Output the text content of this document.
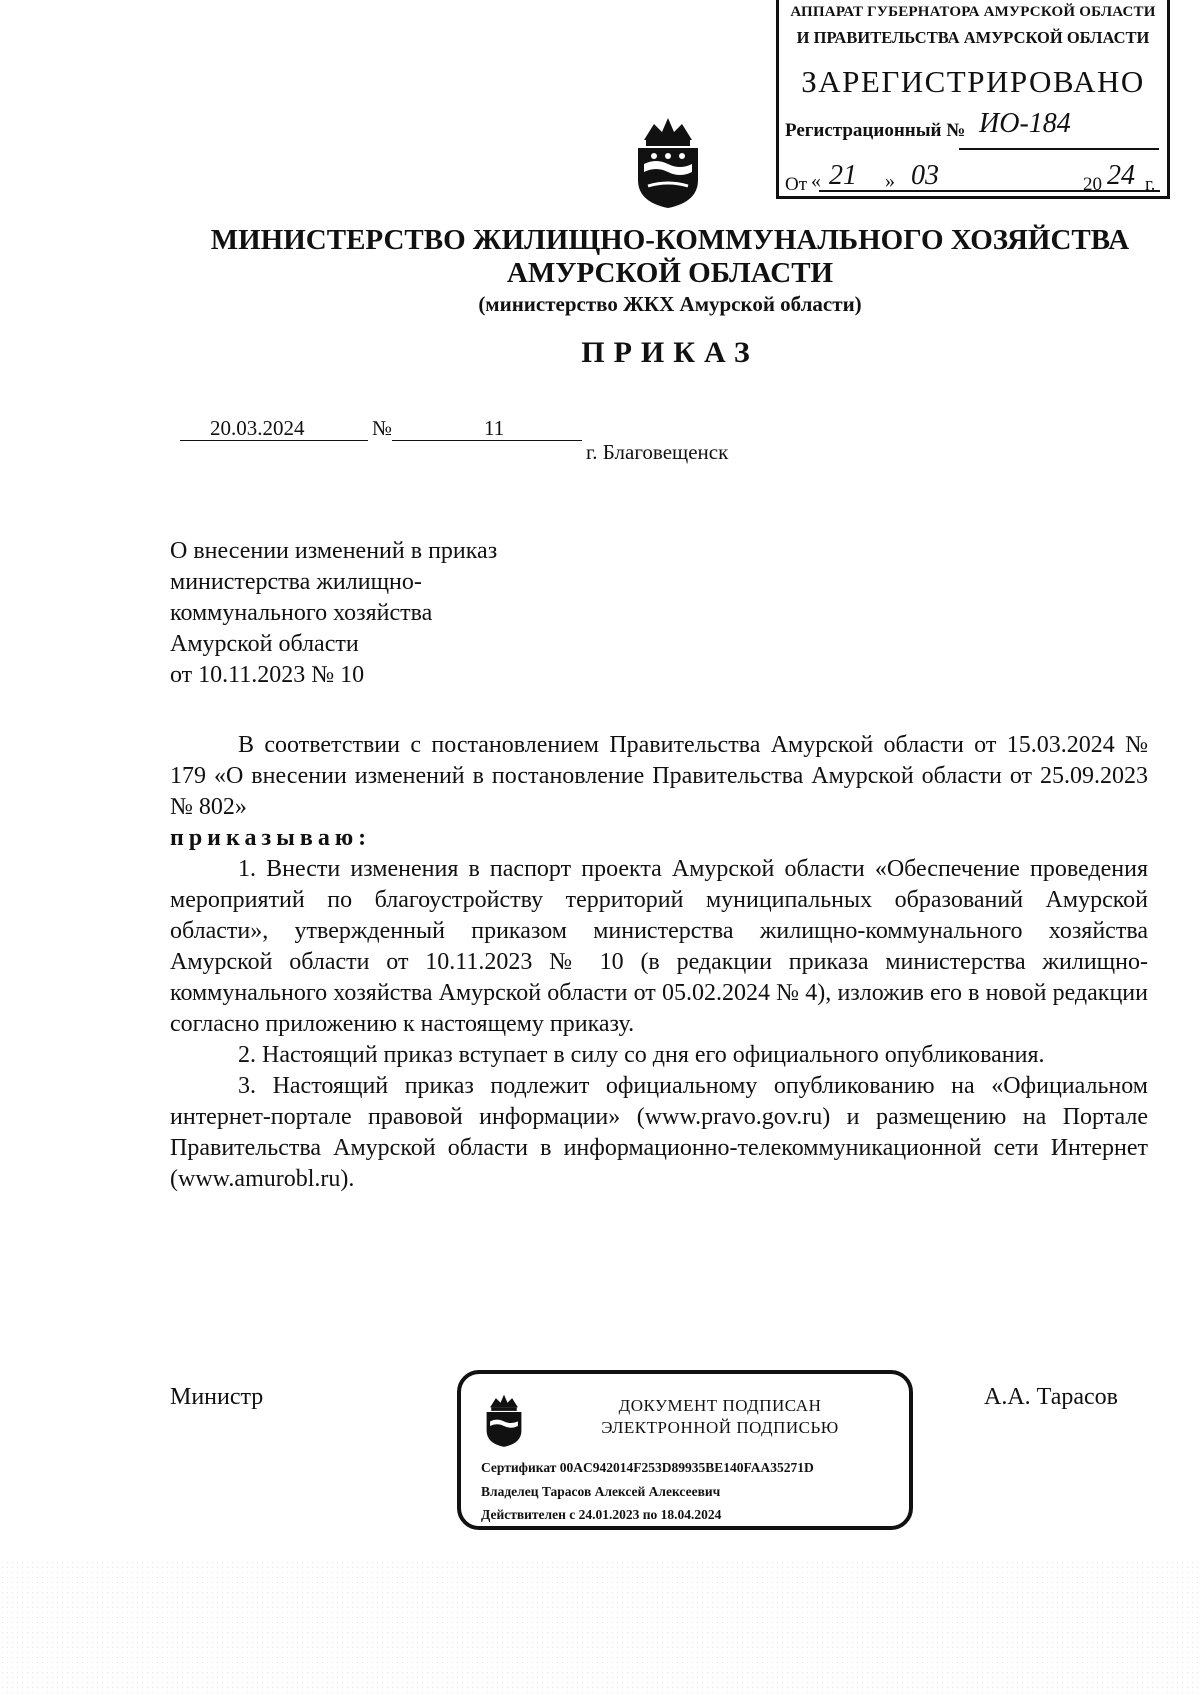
АППАРАТ ГУБЕРНАТОРА АМУРСКОЙ ОБЛАСТИ
И ПРАВИТЕЛЬСТВА АМУРСКОЙ ОБЛАСТИ
ЗАРЕГИСТРИРОВАНО
Регистрационный № ИО-184
От « 21 » 03	20 24 г.
МИНИСТЕРСТВО ЖИЛИЩНО-КОММУНАЛЬНОГО ХОЗЯЙСТВА
АМУРСКОЙ ОБЛАСТИ
(министерство ЖКХ Амурской области)
ПРИКАЗ
20.03.2024	№	11
г. Благовещенск
О внесении изменений в приказ
министерства жилищно-
коммунального хозяйства
Амурской области
от 10.11.2023 № 10

В соответствии с постановлением Правительства Амурской области от 15.03.2024 № 179 «О внесении изменений в постановление Правительства Амурской области от 25.09.2023 № 802»

приказываю:

1. Внести изменения в паспорт проекта Амурской области «Обеспечение проведения мероприятий по благоустройству территорий муниципальных образований Амурской области», утвержденный приказом министерства жилищно-коммунального хозяйства Амурской области от 10.11.2023 № 10 (в редакции приказа министерства жилищно-коммунального хозяйства Амурской области от 05.02.2024 № 4), изложив его в новой редакции согласно приложению к настоящему приказу.

2. Настоящий приказ вступает в силу со дня его официального опубликования.

3. Настоящий приказ подлежит официальному опубликованию на «Официальном интернет-портале правовой информации» (www.pravo.gov.ru) и размещению на Портале Правительства Амурской области в информационно-телекоммуникационной сети Интернет (www.amurobl.ru).

Министр	ДОКУМЕНТ ПОДПИСАН
ЭЛЕКТРОННОЙ ПОДПИСЬЮ
Сертификат 00AC942014F253D89935BE140FAA35271D
Владелец Тарасов Алексей Алексеевич
Действителен с 24.01.2023 по 18.04.2024
А.А. Тарасов
